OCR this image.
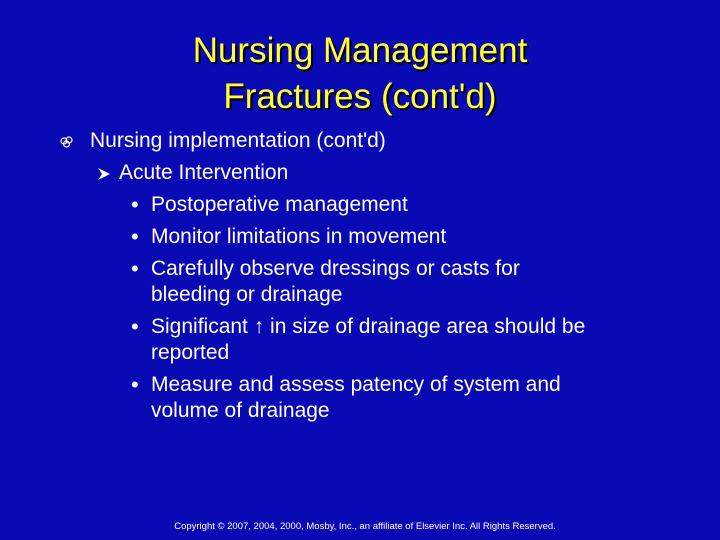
Nursing Management
Fractures (cont'd)
Nursing implementation (cont'd)
Acute Intervention
• Postoperative management
• Monitor limitations in movement
• Carefully observe dressings or casts for bleeding or drainage
• Significant ↑ in size of drainage area should be reported
• Measure and assess patency of system and volume of drainage
Copyright © 2007, 2004, 2000, Mosby, Inc., an affiliate of Elsevier Inc. All Rights Reserved.
